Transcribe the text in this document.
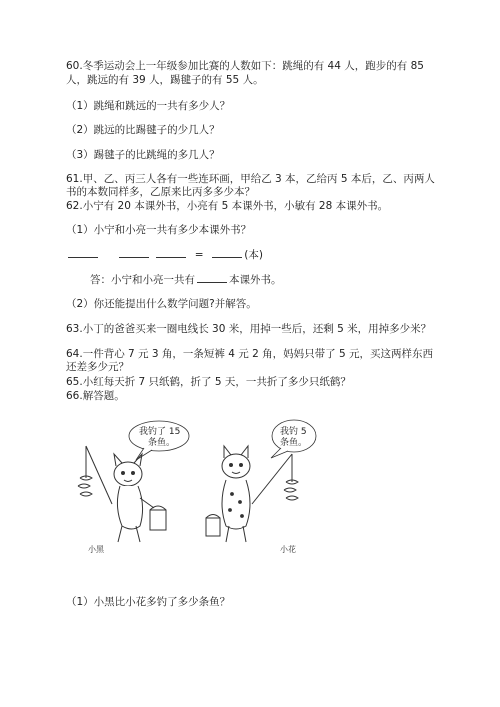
60.冬季运动会上一年级参加比赛的人数如下：跳绳的有 44 人，跑步的有 85
人，跳远的有 39 人，踢毽子的有 55 人。
（1）跳绳和跳远的一共有多少人？
（2）跳远的比踢毽子的少几人？
（3）踢毽子的比跳绳的多几人？
61.甲、乙、丙三人各有一些连环画，甲给乙 3 本，乙给丙 5 本后，乙、丙两人
书的本数同样多，乙原来比丙多多少本？
62.小宁有 20 本课外书，小亮有 5 本课外书，小敏有 28 本课外书。
（1）小宁和小亮一共有多少本课外书？
=	(本)
答：小宁和小亮一共有	本课外书。
（2）你还能提出什么数学问题?并解答。
63.小丁的爸爸买来一圈电线长 30 米，用掉一些后，还剩 5 米，用掉多少米？
64.一件背心 7 元 3 角，一条短裤 4 元 2 角，妈妈只带了 5 元，买这两样东西
还差多少元？
65.小红每天折 7 只纸鹤，折了 5 天，一共折了多少只纸鹤？
66.解答题。
我钓了 15
条鱼。
我钓 5
条鱼。
小黑	小花
（1）小黑比小花多钓了多少条鱼？
